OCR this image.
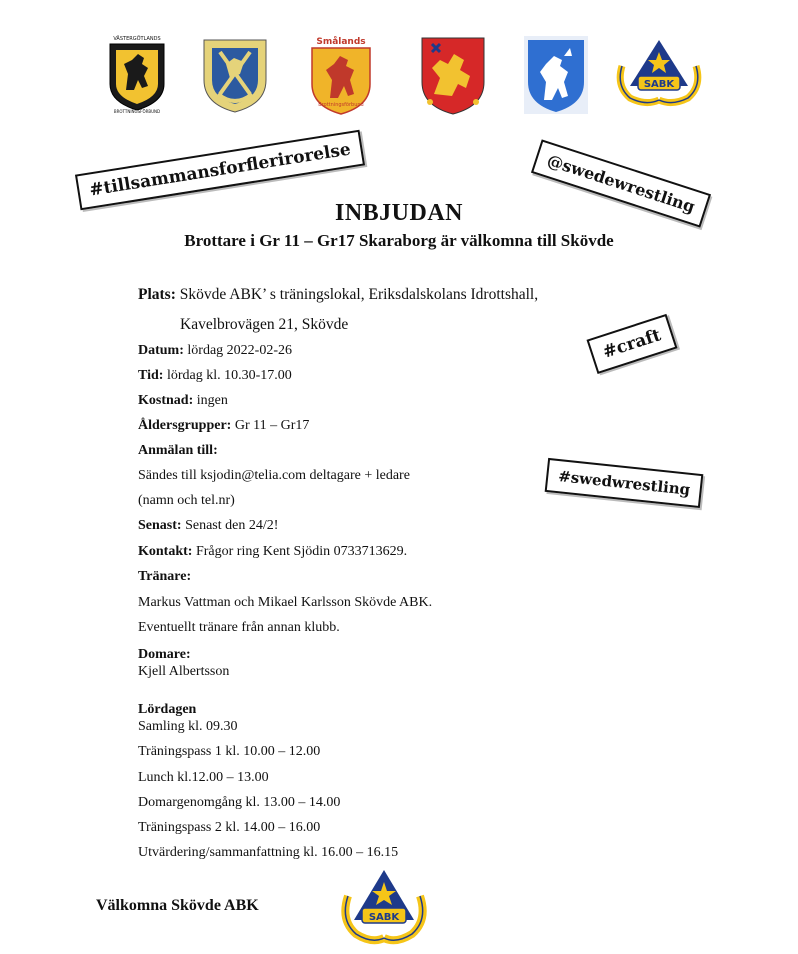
VÄSTERGÖTLANDS
BROTTNINGSFÖRBUND
Smålands
Brottningsförbund
SABK
#tillsammansforflerirorelse	@swedewrestling
#craft
#swedwrestling
INBJUDAN
Brottare i Gr 11 – Gr17 Skaraborg är välkomna till Skövde
Plats: Skövde ABK’ s träningslokal, Eriksdalskolans Idrottshall,
Kavelbrovägen 21, Skövde
Datum: lördag 2022-02-26
Tid: lördag kl. 10.30-17.00
Kostnad: ingen
Åldersgrupper: Gr 11 – Gr17
Anmälan till:
Sändes till ksjodin@telia.com deltagare + ledare
(namn och tel.nr)
Senast: Senast den 24/2!
Kontakt: Frågor ring Kent Sjödin 0733713629.
Tränare:
Markus Vattman och Mikael Karlsson Skövde ABK.
Eventuellt tränare från annan klubb.
Domare:
Kjell Albertsson
Lördagen
Samling kl. 09.30
Träningspass 1 kl. 10.00 – 12.00
Lunch kl.12.00 – 13.00
Domargenomgång kl. 13.00 – 14.00
Träningspass 2 kl. 14.00 – 16.00
Utvärdering/sammanfattning kl. 16.00 – 16.15
Välkomna Skövde ABK
SABK
